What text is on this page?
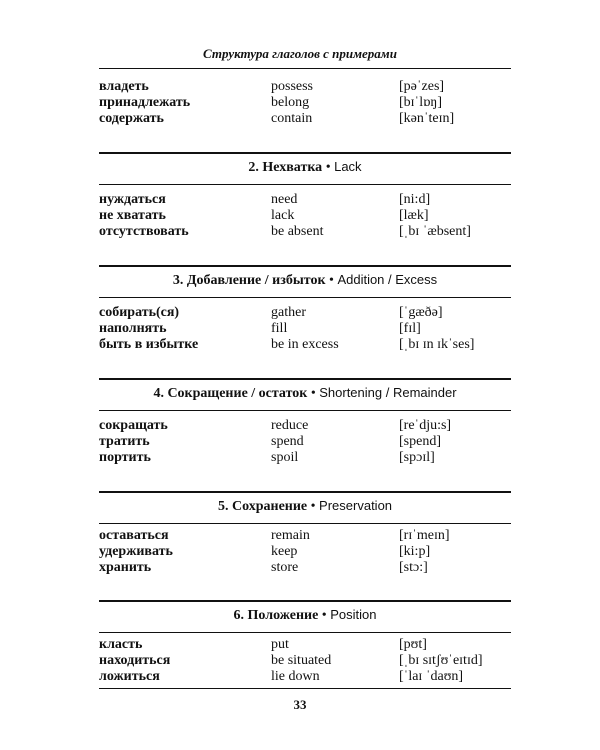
Структура глаголов с примерами
владеть	possess	[pəˈzes]
принадлежать	belong	[bɪˈlɒŋ]
содержать	contain	[kənˈteɪn]
2. Нехватка • Lack
нуждаться	need	[ni:d]
не хватать	lack	[læk]
отсутствовать	be absent	[ˌbɪ ˈæbsent]
3. Добавление / избыток • Addition / Excess
собирать(ся)	gather	[ˈgæðə]
наполнять	fill	[fɪl]
быть в избытке	be in excess	[ˌbɪ ɪn ɪkˈses]
4. Сокращение / остаток • Shortening / Remainder
сокращать	reduce	[reˈdju:s]
тратить	spend	[spend]
портить	spoil	[spɔɪl]
5. Сохранение • Preservation
оставаться	remain	[rɪˈmeɪn]
удерживать	keep	[ki:p]
хранить	store	[stɔ:]
6. Положение • Position
класть	put	[pʊt]
находиться	be situated	[ˌbɪ sɪtʃʊˈeɪtɪd]
ложиться	lie down	[ˈlaɪ ˈdaʊn]
33
